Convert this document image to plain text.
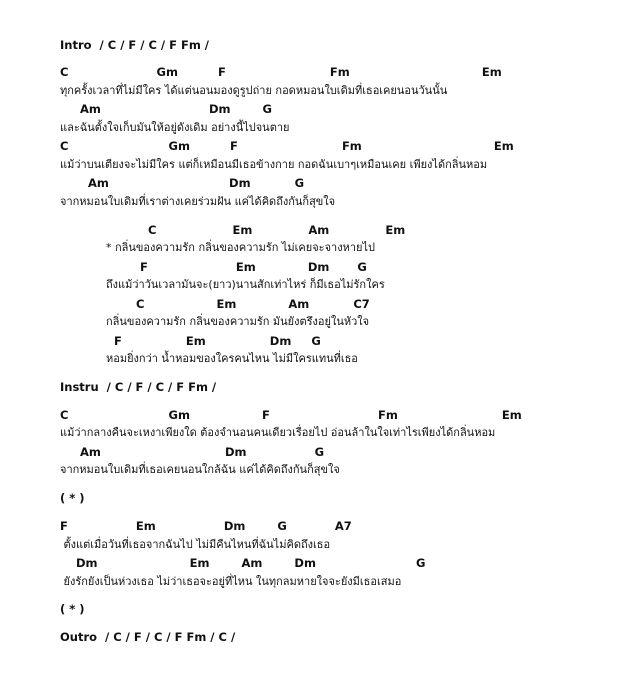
Intro  / C / F / C / F Fm /
C                      Gm          F                          Fm                                 Em
ทุกครั้งเวลาที่ไม่มีใคร ได้แต่นอนมองดูรูปถ่าย กอดหมอนใบเดิมที่เธอเคยนอนวันนั้น
Am                           Dm        G
และฉันตั้งใจเก็บมันให้อยู่ดังเดิม อย่างนี้ไปจนตาย
C                         Gm          F                          Fm                                 Em
แม้ว่าบนเตียงจะไม่มีใคร แต่ก็เหมือนมีเธอข้างกาย กอดฉันเบาๆเหมือนเคย เพียงได้กลิ่นหอม
Am                              Dm           G
จากหมอนใบเดิมที่เราต่างเคยร่วมฝัน แค่ได้คิดถึงกันก็สุขใจ
C                   Em              Am              Em
* กลิ่นของความรัก กลิ่นของความรัก ไม่เคยจะจางหายไป
F                      Em             Dm       G
ถึงแม้ว่าวันเวลามันจะ(ยาว)นานสักเท่าไหร่ ก็มีเธอไม่รักใคร
C                  Em             Am           C7
กลิ่นของความรัก กลิ่นของความรัก มันยังตรึงอยู่ในหัวใจ
F                Em                Dm     G
หอมยิ่งกว่า น้ำหอมของใครคนไหน ไม่มีใครแทนที่เธอ
Instru  / C / F / C / F Fm /
C                         Gm                  F                           Fm                          Em
แม้ว่ากลางคืนจะเหงาเพียงใด ต้องจำนอนคนเดียวเรื่อยไป อ่อนล้าในใจเท่าไรเพียงได้กลิ่นหอม
Am                               Dm                 G
จากหมอนใบเดิมที่เธอเคยนอนใกล้ฉัน แค่ได้คิดถึงกันก็สุขใจ
( * )
F                 Em                 Dm        G            A7
ตั้งแต่เมื่อวันที่เธอจากฉันไป ไม่มีคืนไหนที่ฉันไม่คิดถึงเธอ
Dm                       Em        Am        Dm                         G
ยังรักยังเป็นห่วงเธอ ไม่ว่าเธอจะอยู่ที่ไหน ในทุกลมหายใจจะยังมีเธอเสมอ
( * )
Outro  / C / F / C / F Fm / C /
